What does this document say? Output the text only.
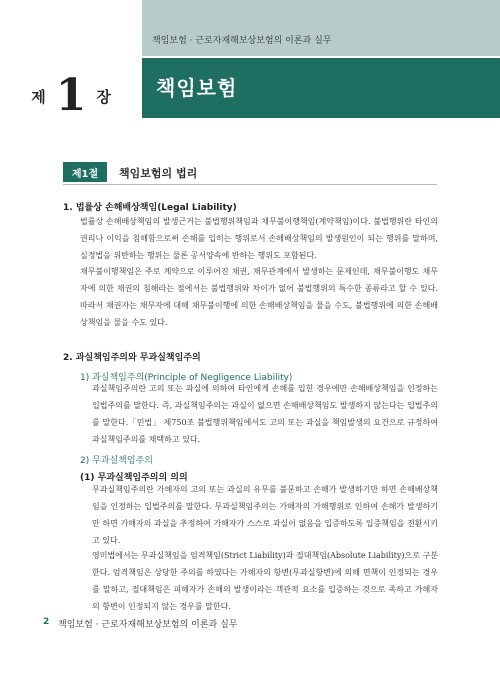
책임보험 · 근로자재해보상보험의 이론과 실무
제 1 장 책임보험
제1절	책임보험의 법리
1. 법률상 손해배상책임(Legal Liability)

법률상 손해배상책임의 발생근거는 불법행위책임과 채무불이행책임(계약책임)이다. 불법행위란 타인의 권리나 이익을 침해함으로써 손해를 입히는 행위로서 손해배상책임의 발생원인이 되는 행위를 말하며, 실정법을 위반하는 행위는 물론 공서양속에 반하는 행위도 포함된다.

채무불이행책임은 주로 계약으로 이루어진 채권, 채무관계에서 발생하는 문제인데, 채무불이행도 채무자에 의한 채권의 침해라는 점에서는 불법행위와 차이가 없어 불법행위의 특수한 종류라고 할 수 있다. 따라서 채권자는 채무자에 대해 채무불이행에 의한 손해배상책임을 물을 수도, 불법행위에 의한 손해배상책임을 물을 수도 있다.

2. 과실책임주의와 무과실책임주의
1) 과실책임주의(Principle of Negligence Liability)

과실책임주의란 고의 또는 과실에 의하여 타인에게 손해를 입힌 경우에만 손해배상책임을 인정하는 입법주의를 말한다. 즉, 과실책임주의는 과실이 없으면 손해배상책임도 발생하지 않는다는 입법주의를 말한다.「민법」 제750조 불법행위책임에서도 고의 또는 과실을 책임발생의 요건으로 규정하여 과실책임주의를 채택하고 있다.

2) 무과실책임주의
(1) 무과실책임주의의 의의

무과실책임주의란 가해자의 고의 또는 과실의 유무를 불문하고 손해가 발생하기만 하면 손해배상책임을 인정하는 입법주의를 말한다. 무과실책임주의는 가해자의 가해행위로 인하여 손해가 발생하기만 하면 가해자의 과실을 추정하여 가해자가 스스로 과실이 없음을 입증하도록 입증책임을 전환시키고 있다.

영미법에서는 무과실책임을 엄격책임(Strict Liability)과 절대책임(Absolute Liability)으로 구분한다. 엄격책임은 상당한 주의를 하였다는 가해자의 항변(무과실항변)에 의해 면책이 인정되는 경우를 말하고, 절대책임은 피해자가 손해의 발생이라는 객관적 요소를 입증하는 것으로 족하고 가해자의 항변이 인정되지 않는 경우를 말한다.

2 책임보험 · 근로자재해보상보험의 이론과 실무
